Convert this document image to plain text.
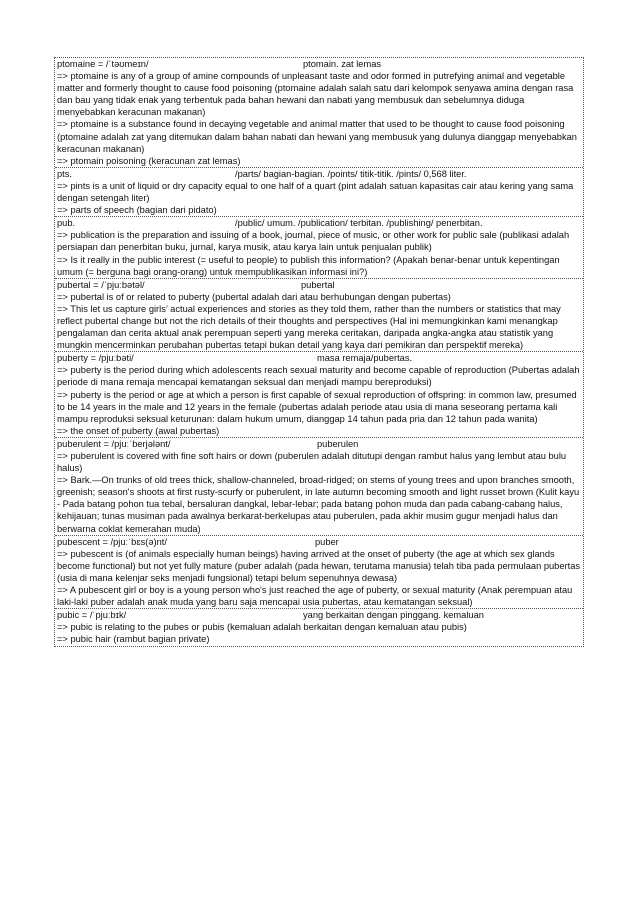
ptomaine = /ˈtəʊmeɪn/	ptomain. zat lemas
=> ptomaine is any of a group of amine compounds of unpleasant taste and odor formed in putrefying animal and vegetable matter and formerly thought to cause food poisoning (ptomaine adalah salah satu dari kelompok senyawa amina dengan rasa dan bau yang tidak enak yang terbentuk pada bahan hewani dan nabati yang membusuk dan sebelumnya diduga menyebabkan keracunan makanan)
=> ptomaine is a substance found in decaying vegetable and animal matter that used to be thought to cause food poisoning (ptomaine adalah zat yang ditemukan dalam bahan nabati dan hewani yang membusuk yang dulunya dianggap menyebabkan keracunan makanan)
=> ptomain poisoning (keracunan zat lemas)
pts.	/parts/ bagian-bagian. /points/ titik-titik. /pints/ 0,568 liter.
=> pints is a unit of liquid or dry capacity equal to one half of a quart (pint adalah satuan kapasitas cair atau kering yang sama dengan setengah liter)
=> parts of speech (bagian dari pidato)
pub.	/public/ umum. /publication/ terbitan. /publishing/ penerbitan.
=> publication is the preparation and issuing of a book, journal, piece of music, or other work for public sale (publikasi adalah persiapan dan penerbitan buku, jurnal, karya musik, atau karya lain untuk penjualan publik)
=> Is it really in the public interest (= useful to people) to publish this information? (Apakah benar-benar untuk kepentingan umum (= berguna bagi orang-orang) untuk mempublikasikan informasi ini?)
pubertal = /ˈpjuːbətəl/	pubertal
=> pubertal is of or related to puberty (pubertal adalah dari atau berhubungan dengan pubertas)
=> This let us capture girls’ actual experiences and stories as they told them, rather than the numbers or statistics that may reflect pubertal change but not the rich details of their thoughts and perspectives (Hal ini memungkinkan kami menangkap pengalaman dan cerita aktual anak perempuan seperti yang mereka ceritakan, daripada angka-angka atau statistik yang mungkin mencerminkan perubahan pubertas tetapi bukan detail yang kaya dari pemikiran dan perspektif mereka)
puberty = /pjuːbəti/	masa remaja/pubertas.
=> puberty is the period during which adolescents reach sexual maturity and become capable of reproduction (Pubertas adalah periode di mana remaja mencapai kematangan seksual dan menjadi mampu bereproduksi)
=> puberty is the period or age at which a person is first capable of sexual reproduction of offspring: in common law, presumed to be 14 years in the male and 12 years in the female (pubertas adalah periode atau usia di mana seseorang pertama kali mampu reproduksi seksual keturunan: dalam hukum umum, dianggap 14 tahun pada pria dan 12 tahun pada wanita)
=> the onset of puberty (awal pubertas)
puberulent = /pjuːˈberjələnt/	puberulen
=> puberulent is covered with fine soft hairs or down (puberulen adalah ditutupi dengan rambut halus yang lembut atau bulu halus)
=> Bark.—On trunks of old trees thick, shallow-channeled, broad-ridged; on stems of young trees and upon branches smooth, greenish; season's shoots at first rusty-scurfy or puberulent, in late autumn becoming smooth and light russet brown (Kulit kayu - Pada batang pohon tua tebal, bersaluran dangkal, lebar-lebar; pada batang pohon muda dan pada cabang-cabang halus, kehijauan; tunas musiman pada awalnya berkarat-berkelupas atau puberulen, pada akhir musim gugur menjadi halus dan berwarna coklat kemerahan muda)
pubescent = /pjuːˈbɛs(ə)nt/	puber
=> pubescent is (of animals especially human beings) having arrived at the onset of puberty (the age at which sex glands become functional) but not yet fully mature (puber adalah (pada hewan, terutama manusia) telah tiba pada permulaan pubertas (usia di mana kelenjar seks menjadi fungsional) tetapi belum sepenuhnya dewasa)
=> A pubescent girl or boy is a young person who's just reached the age of puberty, or sexual maturity (Anak perempuan atau laki-laki puber adalah anak muda yang baru saja mencapai usia pubertas, atau kematangan seksual)
pubic = /ˈpjuːbɪk/	yang berkaitan dengan pinggang. kemaluan
=> pubic is relating to the pubes or pubis (kemaluan adalah berkaitan dengan kemaluan atau pubis)
=> pubic hair (rambut bagian private)
